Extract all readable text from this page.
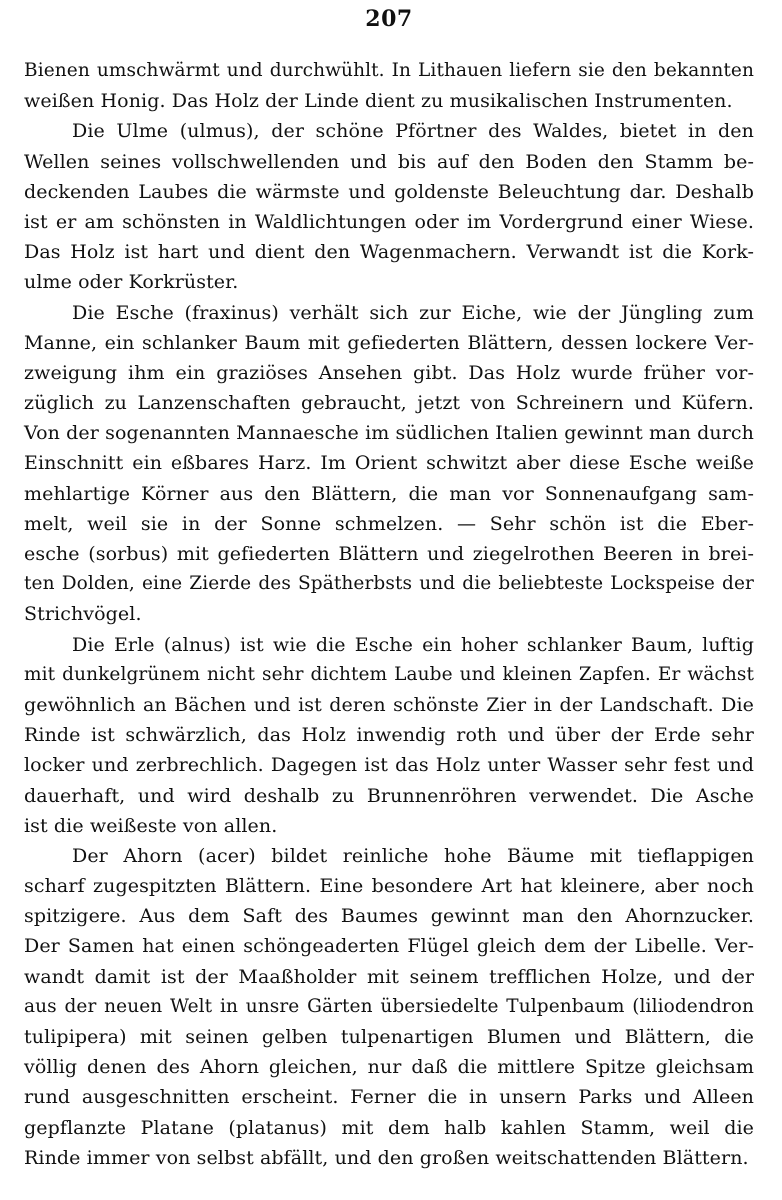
207
Bienen umschwärmt und durchwühlt. In Lithauen liefern sie den bekannten
weißen Honig. Das Holz der Linde dient zu musikalischen Instrumenten.
Die Ulme (ulmus), der schöne Pförtner des Waldes, bietet in den
Wellen seines vollschwellenden und bis auf den Boden den Stamm be-
deckenden Laubes die wärmste und goldenste Beleuchtung dar. Deshalb
ist er am schönsten in Waldlichtungen oder im Vordergrund einer Wiese.
Das Holz ist hart und dient den Wagenmachern. Verwandt ist die Kork-
ulme oder Korkrüster.
Die Esche (fraxinus) verhält sich zur Eiche, wie der Jüngling zum
Manne, ein schlanker Baum mit gefiederten Blättern, dessen lockere Ver-
zweigung ihm ein graziöses Ansehen gibt. Das Holz wurde früher vor-
züglich zu Lanzenschaften gebraucht, jetzt von Schreinern und Küfern.
Von der sogenannten Mannaesche im südlichen Italien gewinnt man durch
Einschnitt ein eßbares Harz. Im Orient schwitzt aber diese Esche weiße
mehlartige Körner aus den Blättern, die man vor Sonnenaufgang sam-
melt, weil sie in der Sonne schmelzen. — Sehr schön ist die Eber-
esche (sorbus) mit gefiederten Blättern und ziegelrothen Beeren in brei-
ten Dolden, eine Zierde des Spätherbsts und die beliebteste Lockspeise der
Strichvögel.
Die Erle (alnus) ist wie die Esche ein hoher schlanker Baum, luftig
mit dunkelgrünem nicht sehr dichtem Laube und kleinen Zapfen. Er wächst
gewöhnlich an Bächen und ist deren schönste Zier in der Landschaft. Die
Rinde ist schwärzlich, das Holz inwendig roth und über der Erde sehr
locker und zerbrechlich. Dagegen ist das Holz unter Wasser sehr fest und
dauerhaft, und wird deshalb zu Brunnenröhren verwendet. Die Asche
ist die weißeste von allen.
Der Ahorn (acer) bildet reinliche hohe Bäume mit tieflappigen
scharf zugespitzten Blättern. Eine besondere Art hat kleinere, aber noch
spitzigere. Aus dem Saft des Baumes gewinnt man den Ahornzucker.
Der Samen hat einen schöngeaderten Flügel gleich dem der Libelle. Ver-
wandt damit ist der Maaßholder mit seinem trefflichen Holze, und der
aus der neuen Welt in unsre Gärten übersiedelte Tulpenbaum (liliodendron
tulipipera) mit seinen gelben tulpenartigen Blumen und Blättern, die
völlig denen des Ahorn gleichen, nur daß die mittlere Spitze gleichsam
rund ausgeschnitten erscheint. Ferner die in unsern Parks und Alleen
gepflanzte Platane (platanus) mit dem halb kahlen Stamm, weil die
Rinde immer von selbst abfällt, und den großen weitschattenden Blättern.
